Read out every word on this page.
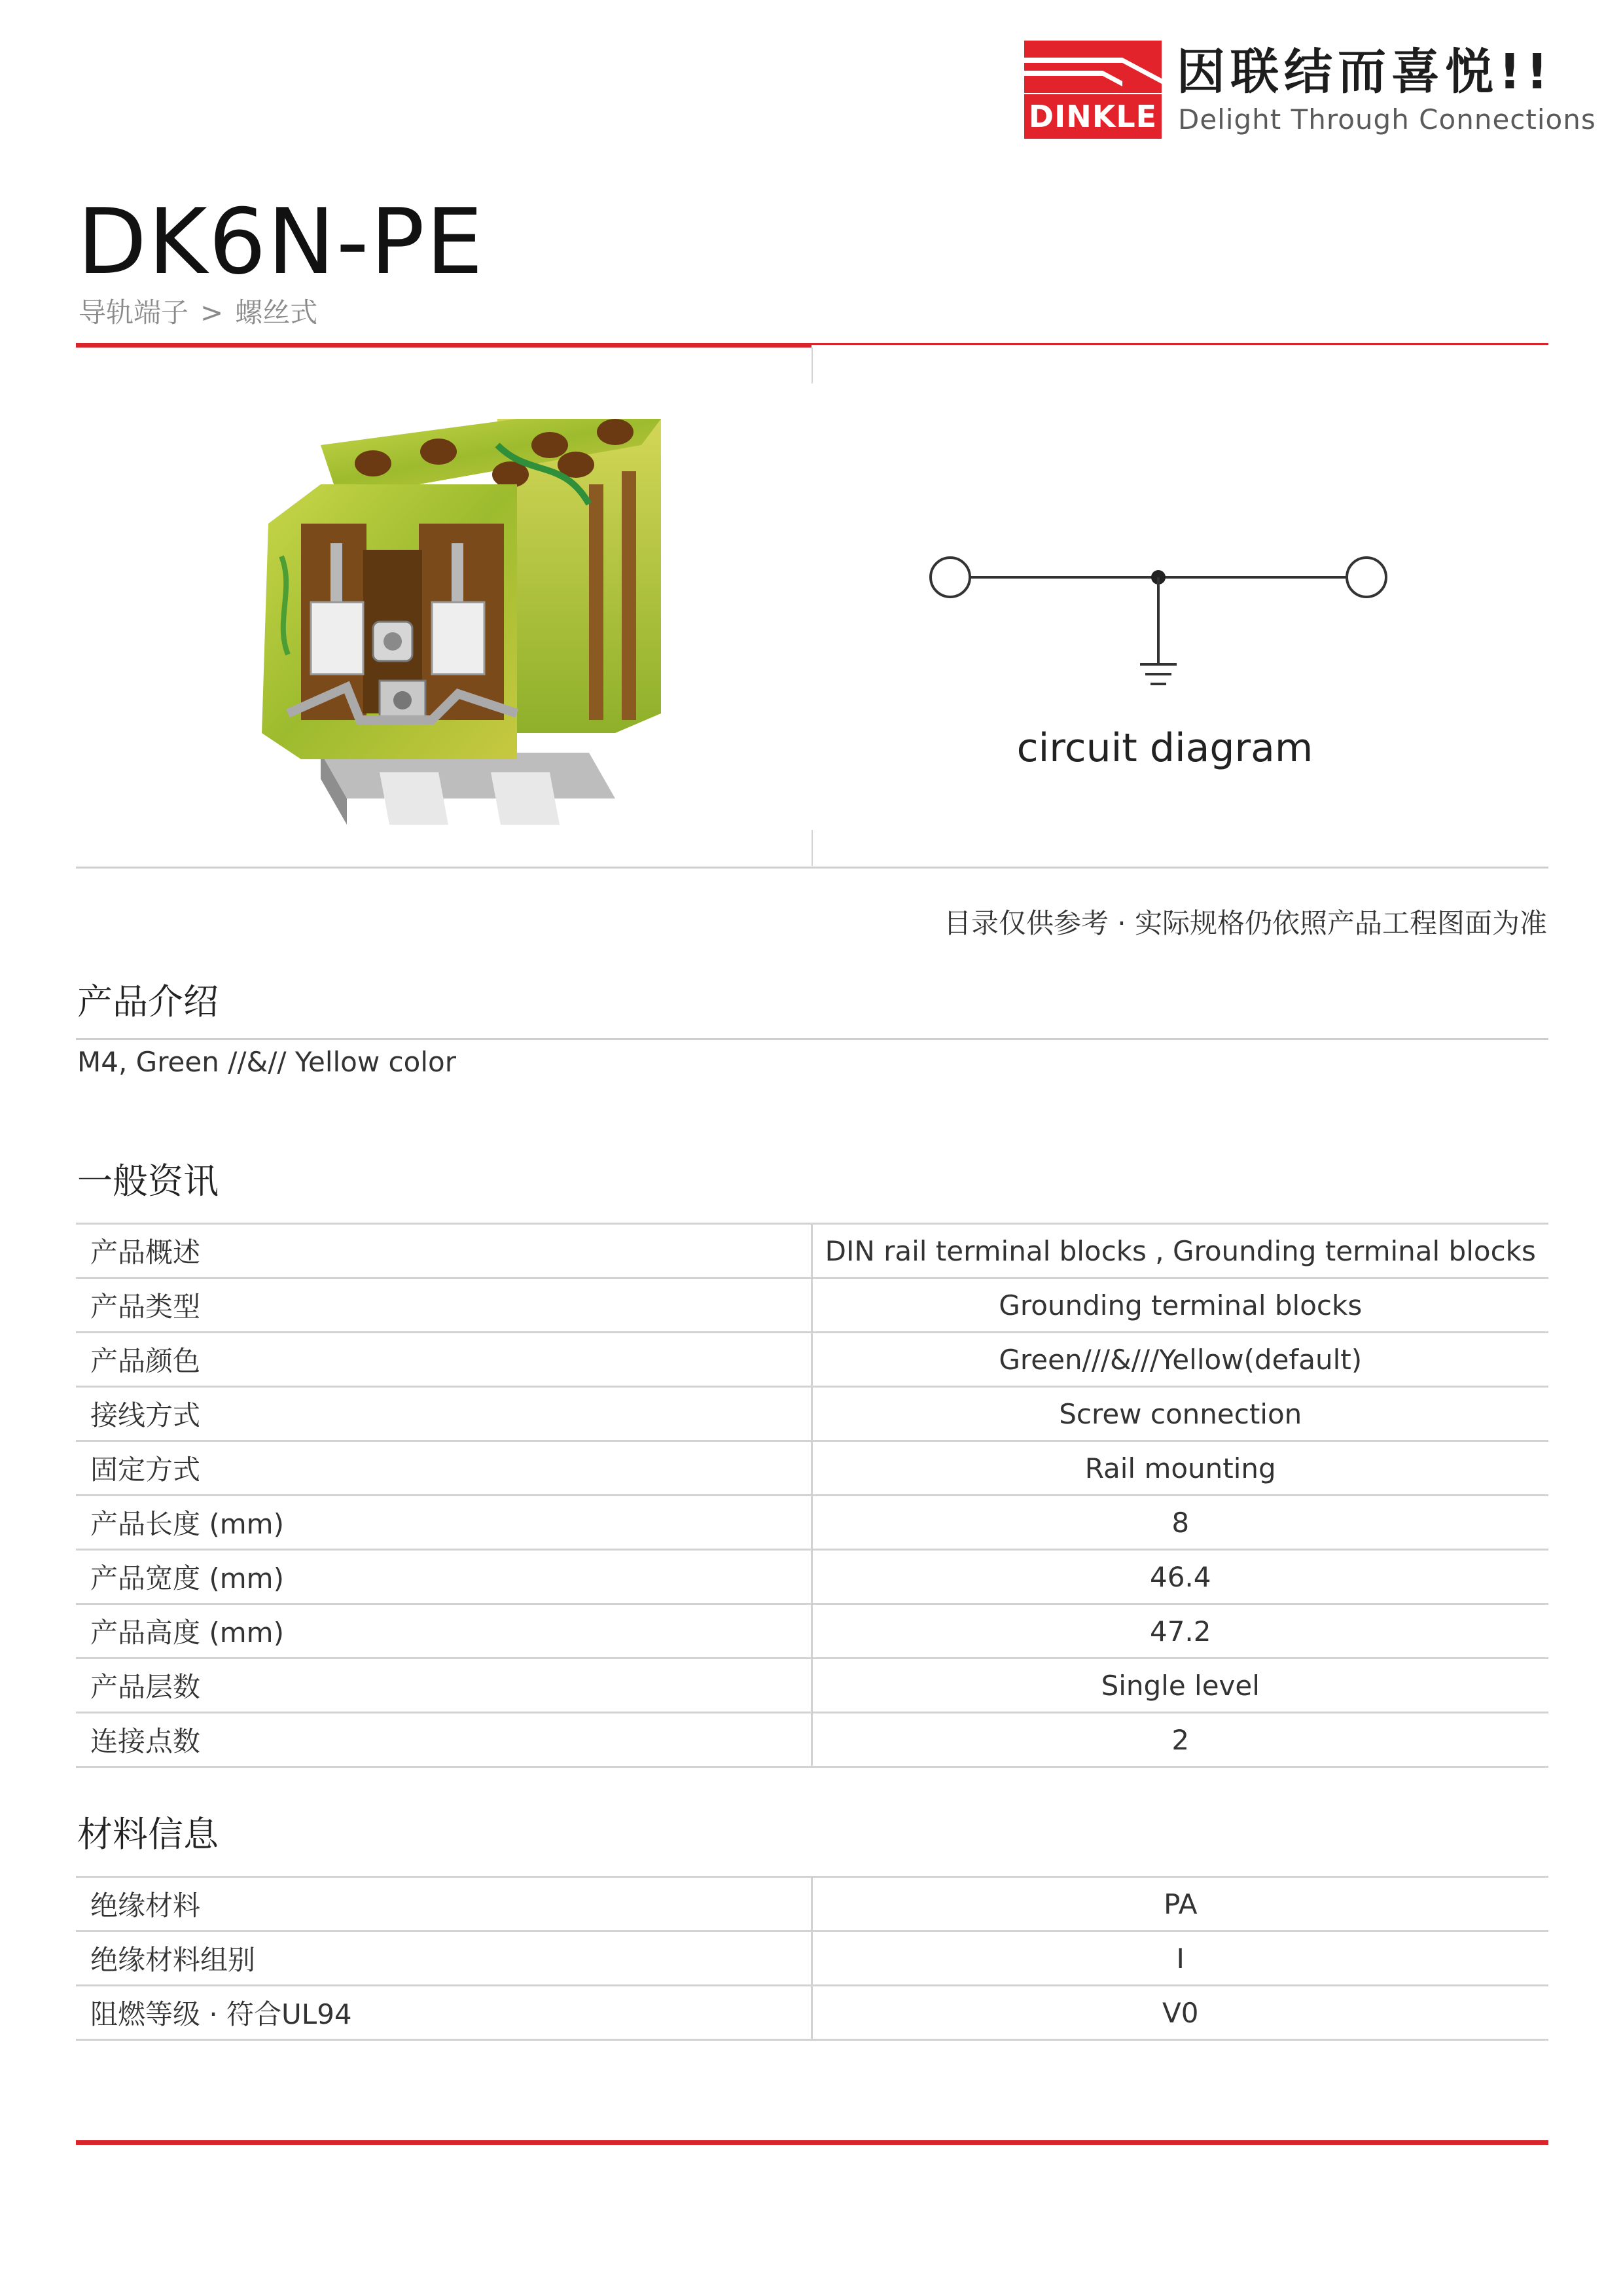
DINKLE
因联结而喜悦!!
Delight Through Connections
DK6N-PE
导轨端子 > 螺丝式
circuit diagram
目录仅供参考 · 实际规格仍依照产品工程图面为准
产品介绍
M4, Green //&// Yellow color
一般资讯
产品概述	DIN rail terminal blocks , Grounding terminal blocks
产品类型	Grounding terminal blocks
产品颜色	Green///&///Yellow(default)
接线方式	Screw connection
固定方式	Rail mounting
产品长度 (mm)	8
产品宽度 (mm)	46.4
产品高度 (mm)	47.2
产品层数	Single level
连接点数	2
材料信息
绝缘材料	PA
绝缘材料组别	I
阻燃等级 · 符合UL94	V0
